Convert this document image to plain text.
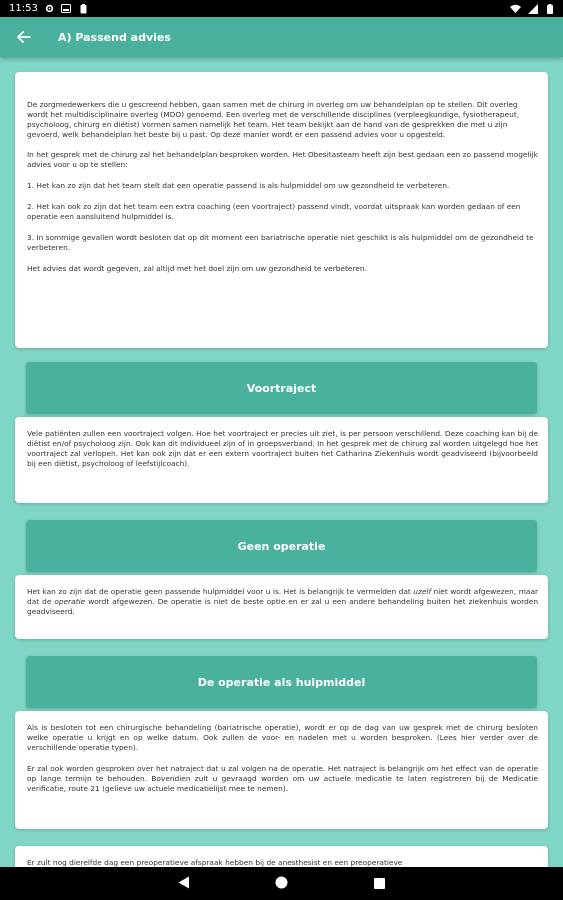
11:53
A) Passend advies

De zorgmedewerkers die u gescreend hebben, gaan samen met de chirurg in overleg om uw behandelplan op te stellen. Dit overleg wordt het multidisciplinaire overleg (MDO) genoemd. Een overleg met de verschillende disciplines (verpleegkundige, fysiotherapeut, psycholoog, chirurg en diëtist) vormen samen namelijk het team. Het team bekijkt aan de hand van de gesprekken die met u zijn gevoerd, welk behandelplan het beste bij u past. Op deze manier wordt er een passend advies voor u opgesteld.

In het gesprek met de chirurg zal het behandelplan besproken worden. Het Obesitasteam heeft zijn best gedaan een zo passend mogelijk advies voor u op te stellen:

1. Het kan zo zijn dat het team stelt dat een operatie passend is als hulpmiddel om uw gezondheid te verbeteren.

2. Het kan ook zo zijn dat het team een extra coaching (een voortraject) passend vindt, voordat uitspraak kan worden gedaan of een operatie een aansluitend hulpmiddel is.

3. In sommige gevallen wordt besloten dat op dit moment een bariatrische operatie niet geschikt is als hulpmiddel om de gezondheid te verbeteren.

Het advies dat wordt gegeven, zal altijd met het doel zijn om uw gezondheid te verbeteren.

Voortraject

Vele patiënten zullen een voortraject volgen. Hoe het voortraject er precies uit ziet, is per persoon verschillend. Deze coaching kan bij de diëtist en/of psycholoog zijn. Ook kan dit individueel zijn of in groepsverband. In het gesprek met de chirurg zal worden uitgelegd hoe het voortraject zal verlopen. Het kan ook zijn dat er een extern voortraject buiten het Catharina Ziekenhuis wordt geadviseerd (bijvoorbeeld bij een diëtist, psycholoog of leefstijlcoach).

Geen operatie

Het kan zo zijn dat de operatie geen passende hulpmiddel voor u is. Het is belangrijk te vermelden dat uzelf niet wordt afgewezen, maar dat de operatie wordt afgewezen. De operatie is niet de beste optie en er zal u een andere behandeling buiten het ziekenhuis worden geadviseerd.

De operatie als hulpmiddel

Als is besloten tot een chirurgische behandeling (bariatrische operatie), wordt er op de dag van uw gesprek met de chirurg besloten welke operatie u krijgt en op welke datum. Ook zullen de voor- en nadelen met u worden besproken. (Lees hier verder over de verschillende operatie typen).

Er zal ook worden gesproken over het natraject dat u zal volgen na de operatie. Het natraject is belangrijk om het effect van de operatie op lange termijn te behouden. Bovendien zult u gevraagd worden om uw actuele medicatie te laten registreren bij de Medicatie verificatie, route 21 (gelieve uw actuele medicatielijst mee te nemen).

Er zult nog dierelfde dag een preoperatieve afspraak hebben bij de anesthesist en een preoperatieve
